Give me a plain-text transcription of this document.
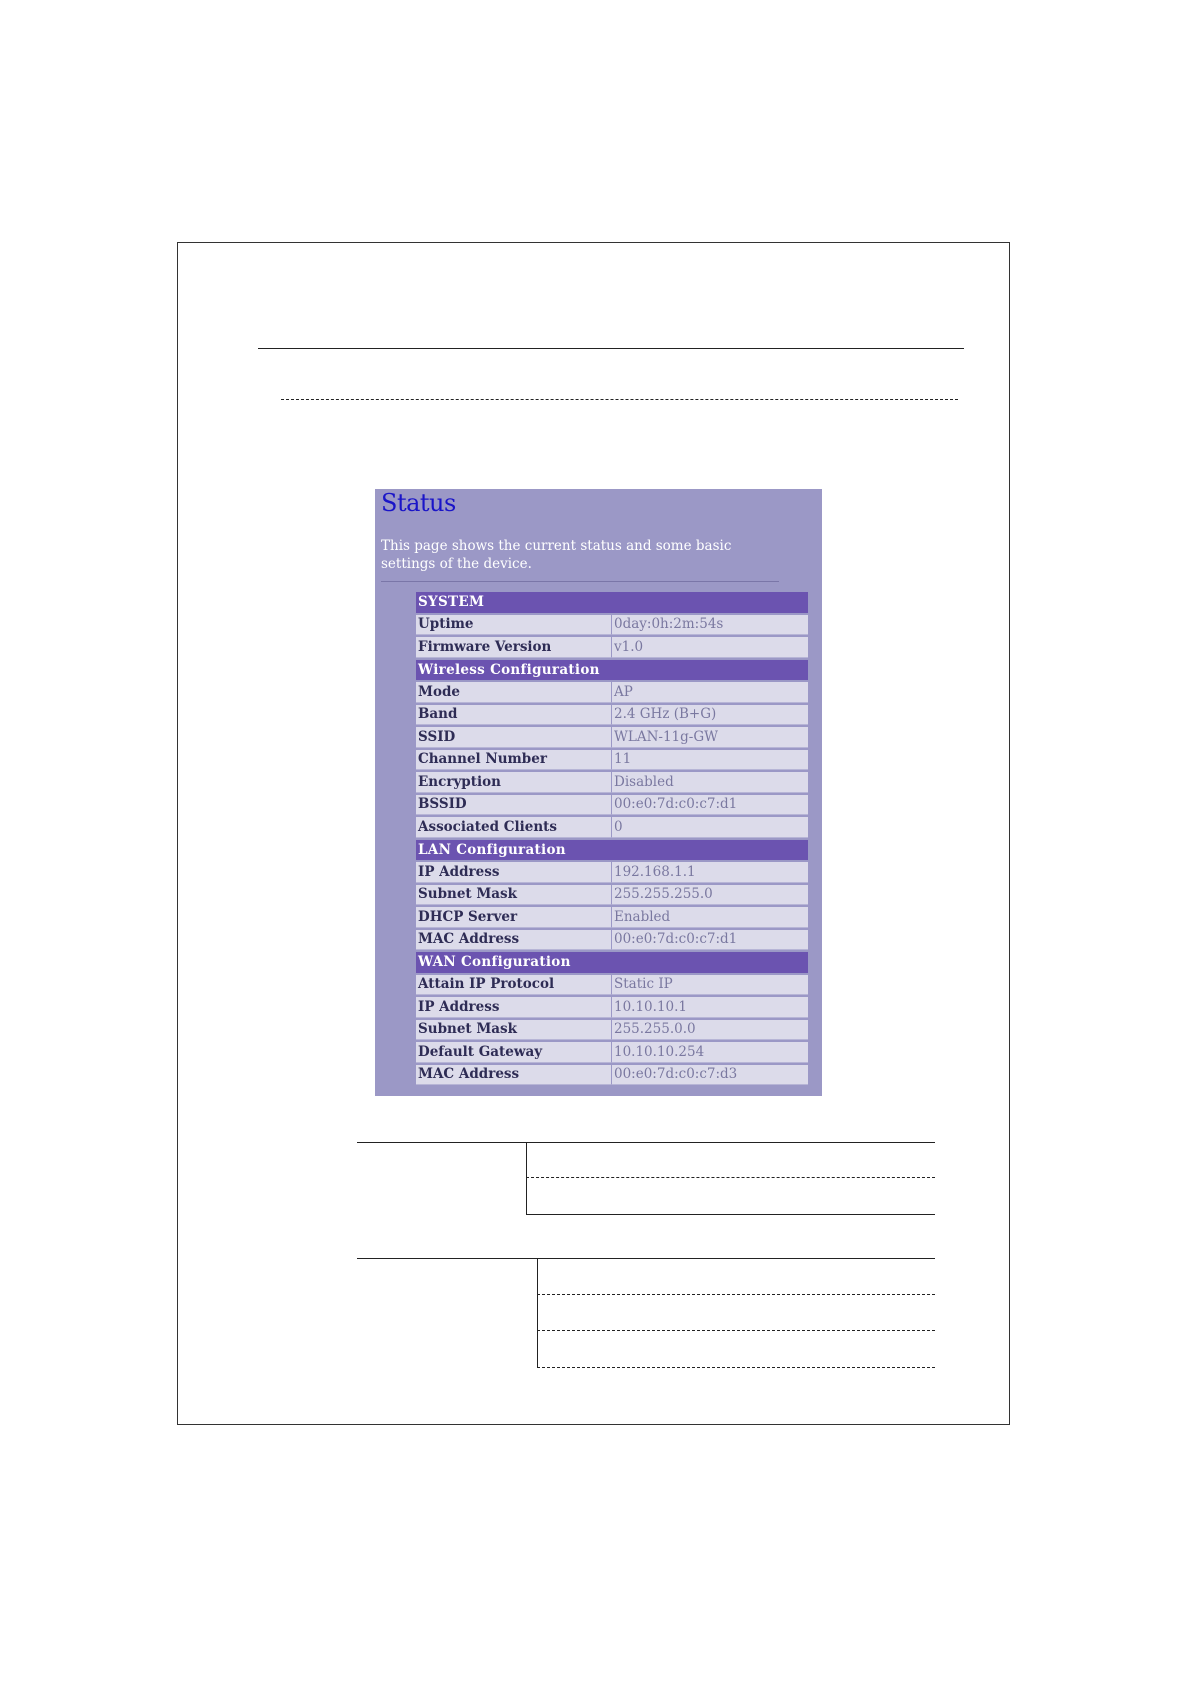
Status

This page shows the current status and some basic settings of the device.

SYSTEM	
Uptime	0day:0h:2m:54s
Firmware Version	v1.0
Wireless Configuration	
Mode	AP
Band	2.4 GHz (B+G)
SSID	WLAN-11g-GW
Channel Number	11
Encryption	Disabled
BSSID	00:e0:7d:c0:c7:d1
Associated Clients	0
LAN Configuration	
IP Address	192.168.1.1
Subnet Mask	255.255.255.0
DHCP Server	Enabled
MAC Address	00:e0:7d:c0:c7:d1
WAN Configuration	
Attain IP Protocol	Static IP
IP Address	10.10.10.1
Subnet Mask	255.255.0.0
Default Gateway	10.10.10.254
MAC Address	00:e0:7d:c0:c7:d3
